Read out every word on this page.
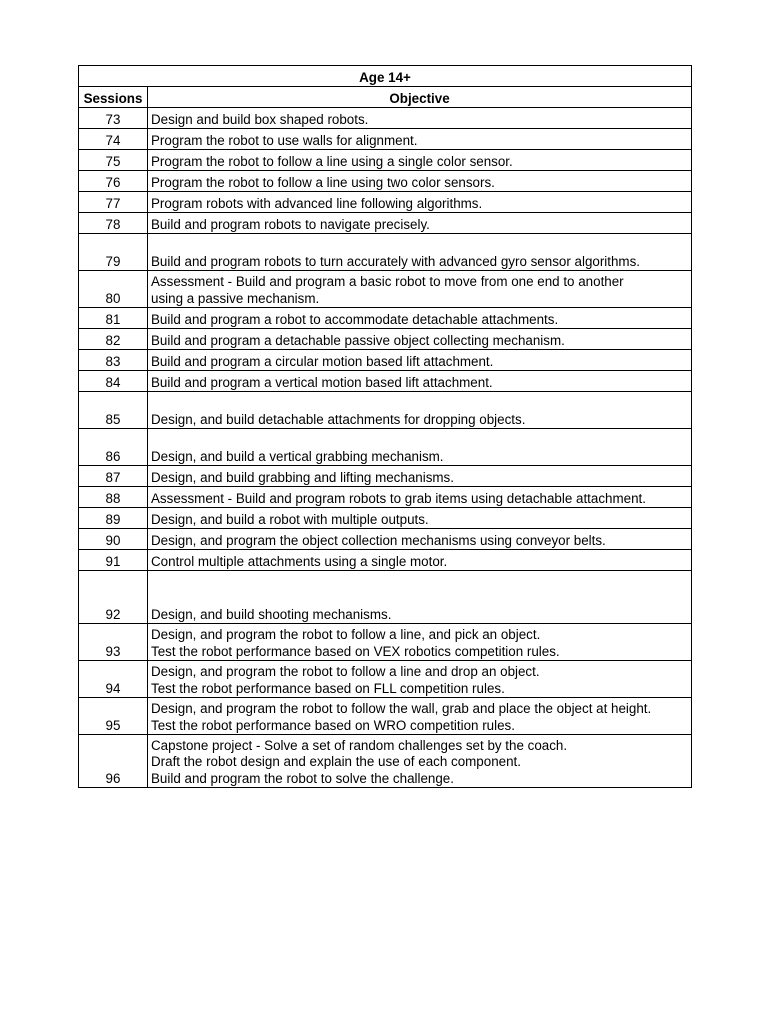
Age 14+	
Sessions	Objective
73	Design and build box shaped robots.

74	Program the robot to use walls for alignment.

75	Program the robot to follow a line using a single color sensor.

76	Program the robot to follow a line using two color sensors.

77	Program robots with advanced line following algorithms.

78	Build and program robots to navigate precisely.

79	Build and program robots to turn accurately with advanced gyro sensor algorithms.

80	Assessment - Build and program a basic robot to move from one end to another
using a passive mechanism.

81	Build and program a robot to accommodate detachable attachments.

82	Build and program a detachable passive object collecting mechanism.

83	Build and program a circular motion based lift attachment.

84	Build and program a vertical motion based lift attachment.

85	Design, and build detachable attachments for dropping objects.

86	Design, and build a vertical grabbing mechanism.

87	Design, and build grabbing and lifting mechanisms.

88	Assessment - Build and program robots to grab items using detachable attachment.

89	Design, and build a robot with multiple outputs.

90	Design, and program the object collection mechanisms using conveyor belts.

91	Control multiple attachments using a single motor.

92	Design, and build shooting mechanisms.

93	Design, and program the robot to follow a line, and pick an object.
Test the robot performance based on VEX robotics competition rules.

94	Design, and program the robot to follow a line and drop an object.
Test the robot performance based on FLL competition rules.

95	Design, and program the robot to follow the wall, grab and place the object at height.
Test the robot performance based on WRO competition rules.

96	Capstone project - Solve a set of random challenges set by the coach.
Draft the robot design and explain the use of each component.
Build and program the robot to solve the challenge.
